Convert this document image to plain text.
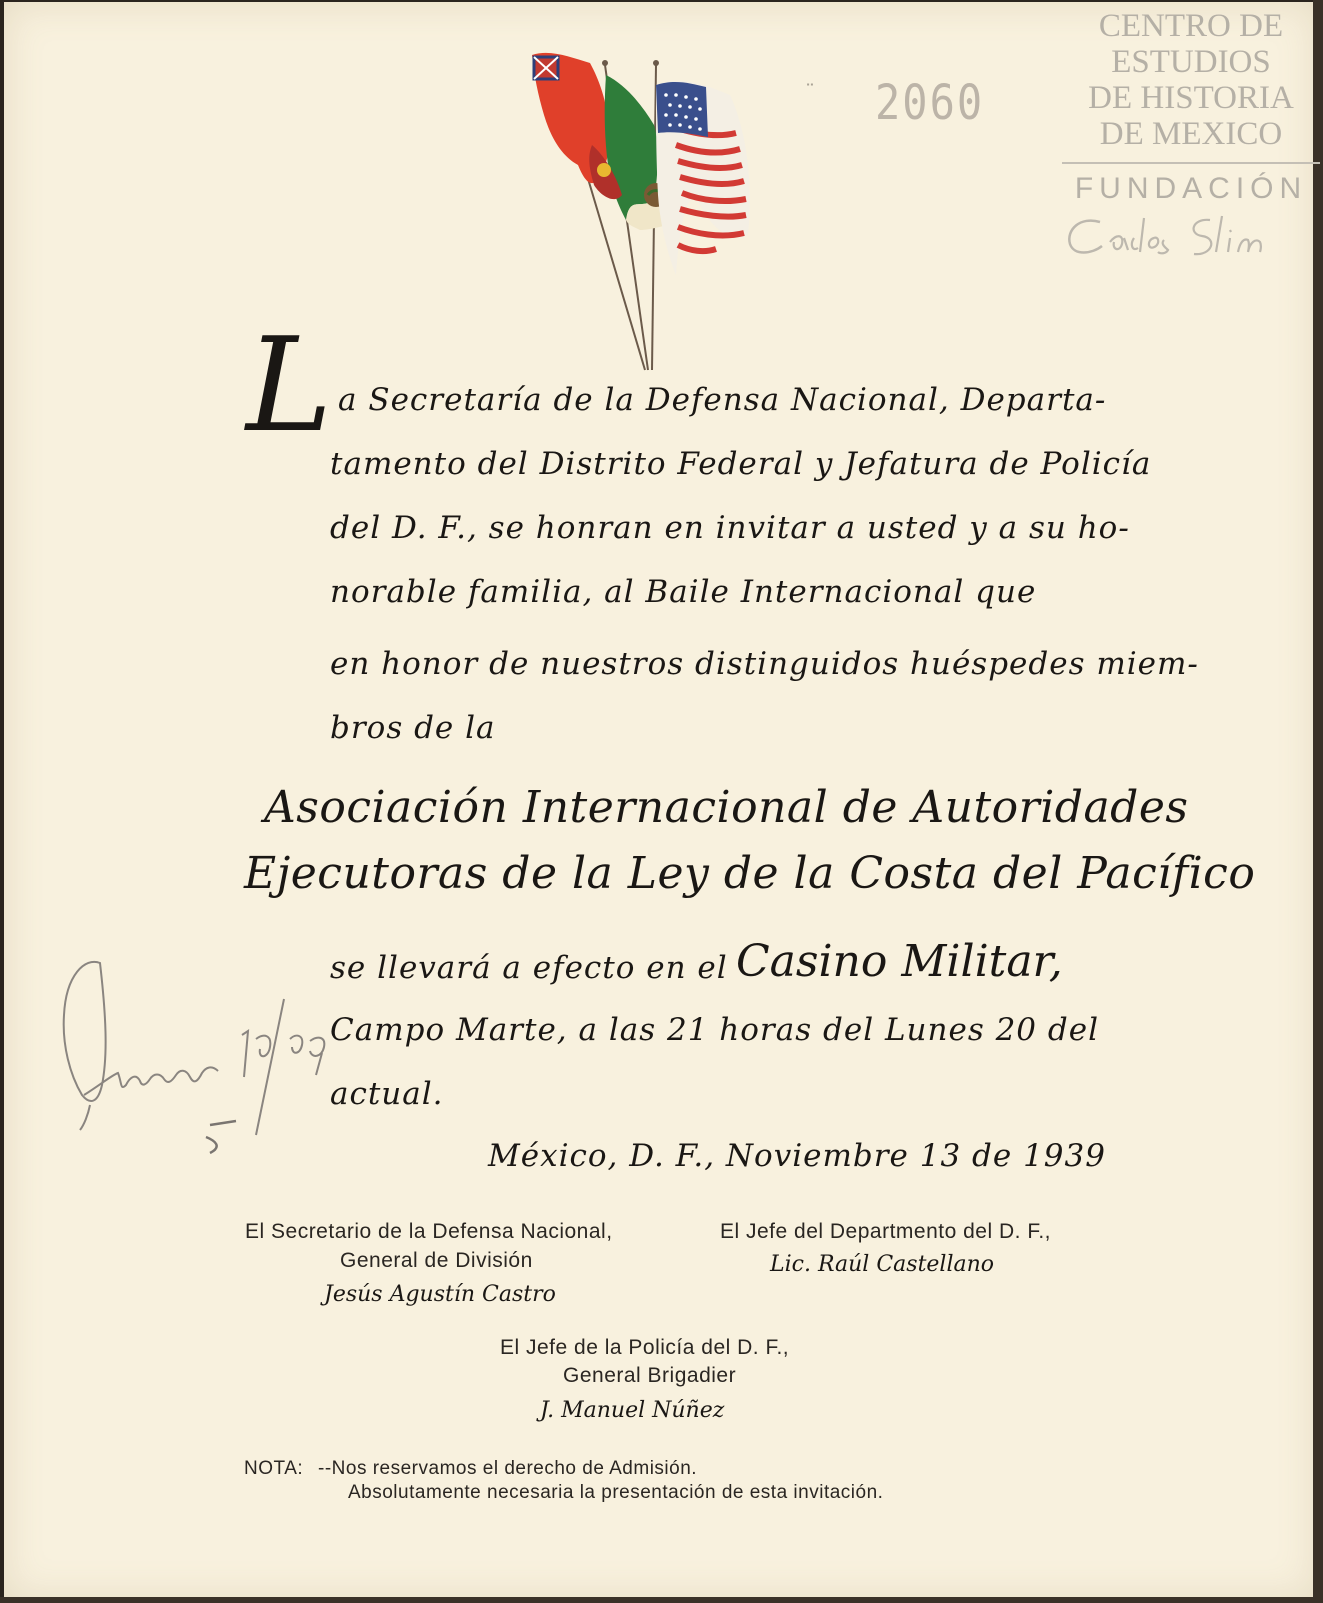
CENTRO DE
ESTUDIOS
DE HISTORIA
DE MEXICO
FUNDACIÓN
¨ 2060
L a Secretaría de la Defensa Nacional, Departa-
tamento del Distrito Federal y Jefatura de Policía
del D. F., se honran en invitar a usted y a su ho-
norable familia, al Baile Internacional que
en honor de nuestros distinguidos huéspedes miem-
bros de la
Asociación Internacional de Autoridades
Ejecutoras de la Ley de la Costa del Pacífico
se llevará a efecto en el Casino Militar,
Campo Marte, a las 21 horas del Lunes 20 del
actual.
México, D. F., Noviembre 13 de 1939
El Secretario de la Defensa Nacional,
General de División
Jesús Agustín Castro
El Jefe del Departmento del D. F.,
Lic. Raúl Castellano
El Jefe de la Policía del D. F.,
General Brigadier
J. Manuel Núñez
NOTA: --Nos reservamos el derecho de Admisión.
Absolutamente necesaria la presentación de esta invitación.
